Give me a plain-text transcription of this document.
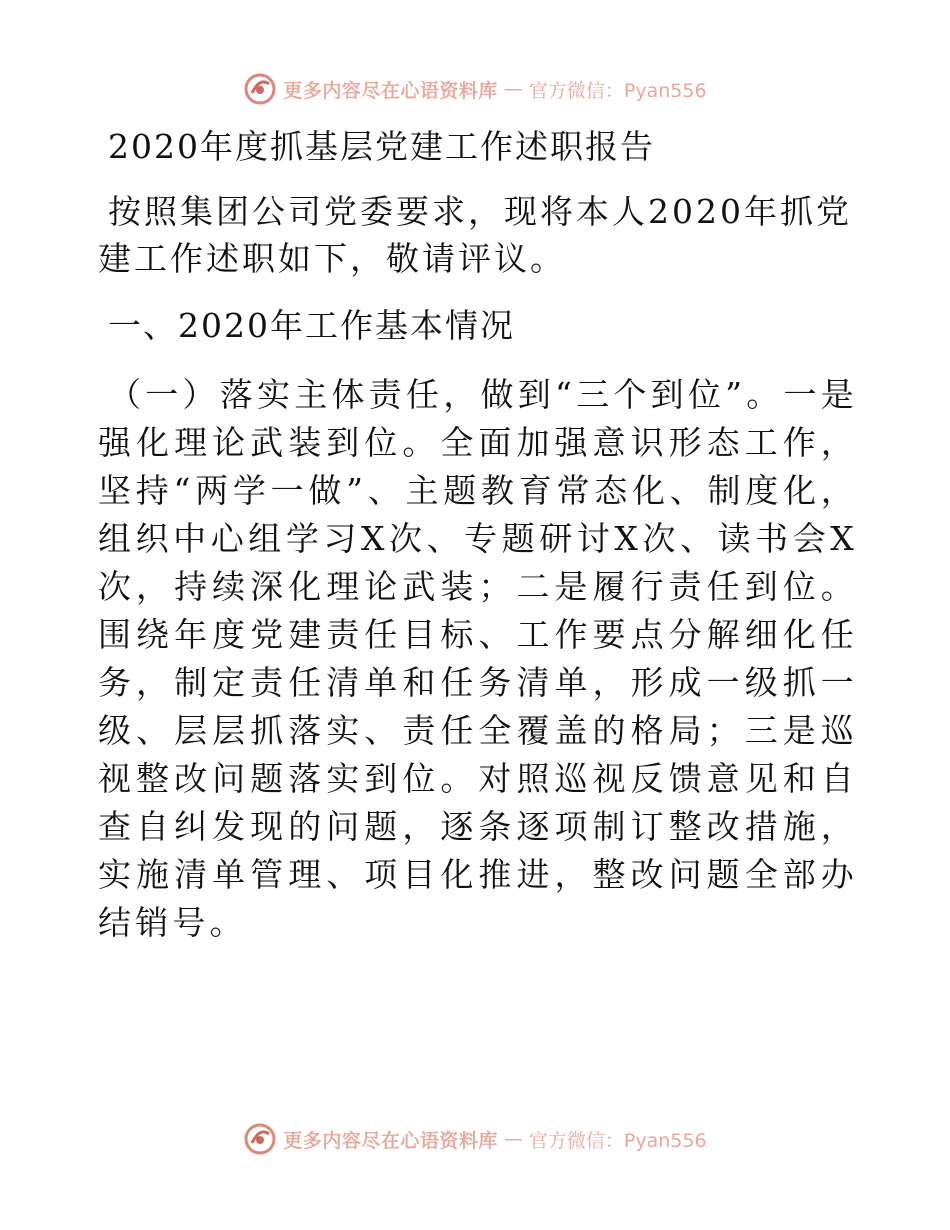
更多内容尽在心语资料库 — 官方微信：Pyan556
2020年度抓基层党建工作述职报告

按照集团公司党委要求，现将本人2020年抓党建工作述职如下，敬请评议。

一、2020年工作基本情况

（一）落实主体责任，做到“三个到位”。一是强化理论武装到位。全面加强意识形态工作，坚持“两学一做”、主题教育常态化、制度化，组织中心组学习X次、专题研讨X次、读书会X次，持续深化理论武装；二是履行责任到位。围绕年度党建责任目标、工作要点分解细化任务，制定责任清单和任务清单，形成一级抓一级、层层抓落实、责任全覆盖的格局；三是巡视整改问题落实到位。对照巡视反馈意见和自查自纠发现的问题，逐条逐项制订整改措施，实施清单管理、项目化推进，整改问题全部办结销号。

更多内容尽在心语资料库 — 官方微信：Pyan556
